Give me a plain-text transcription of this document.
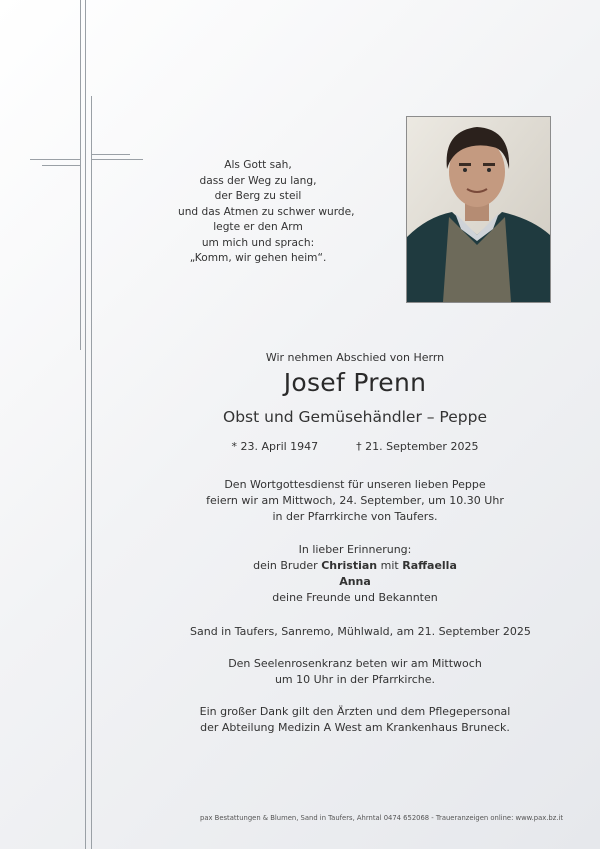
Als Gott sah,
dass der Weg zu lang,
der Berg zu steil
und das Atmen zu schwer wurde,
legte er den Arm
um mich und sprach:
„Komm, wir gehen heim“.
Wir nehmen Abschied von Herrn
Josef Prenn
Obst und Gemüsehändler – Peppe
* 23. April 1947	† 21. September 2025
Den Wortgottesdienst für unseren lieben Peppe
feiern wir am Mittwoch, 24. September, um 10.30 Uhr
in der Pfarrkirche von Taufers.
In lieber Erinnerung:
dein Bruder Christian mit Raffaella
Anna
deine Freunde und Bekannten
Sand in Taufers, Sanremo, Mühlwald, am 21. September 2025
Den Seelenrosenkranz beten wir am Mittwoch
um 10 Uhr in der Pfarrkirche.
Ein großer Dank gilt den Ärzten und dem Pflegepersonal
der Abteilung Medizin A West am Krankenhaus Bruneck.
pax Bestattungen & Blumen, Sand in Taufers, Ahrntal 0474 652068 - Traueranzeigen online: www.pax.bz.it
